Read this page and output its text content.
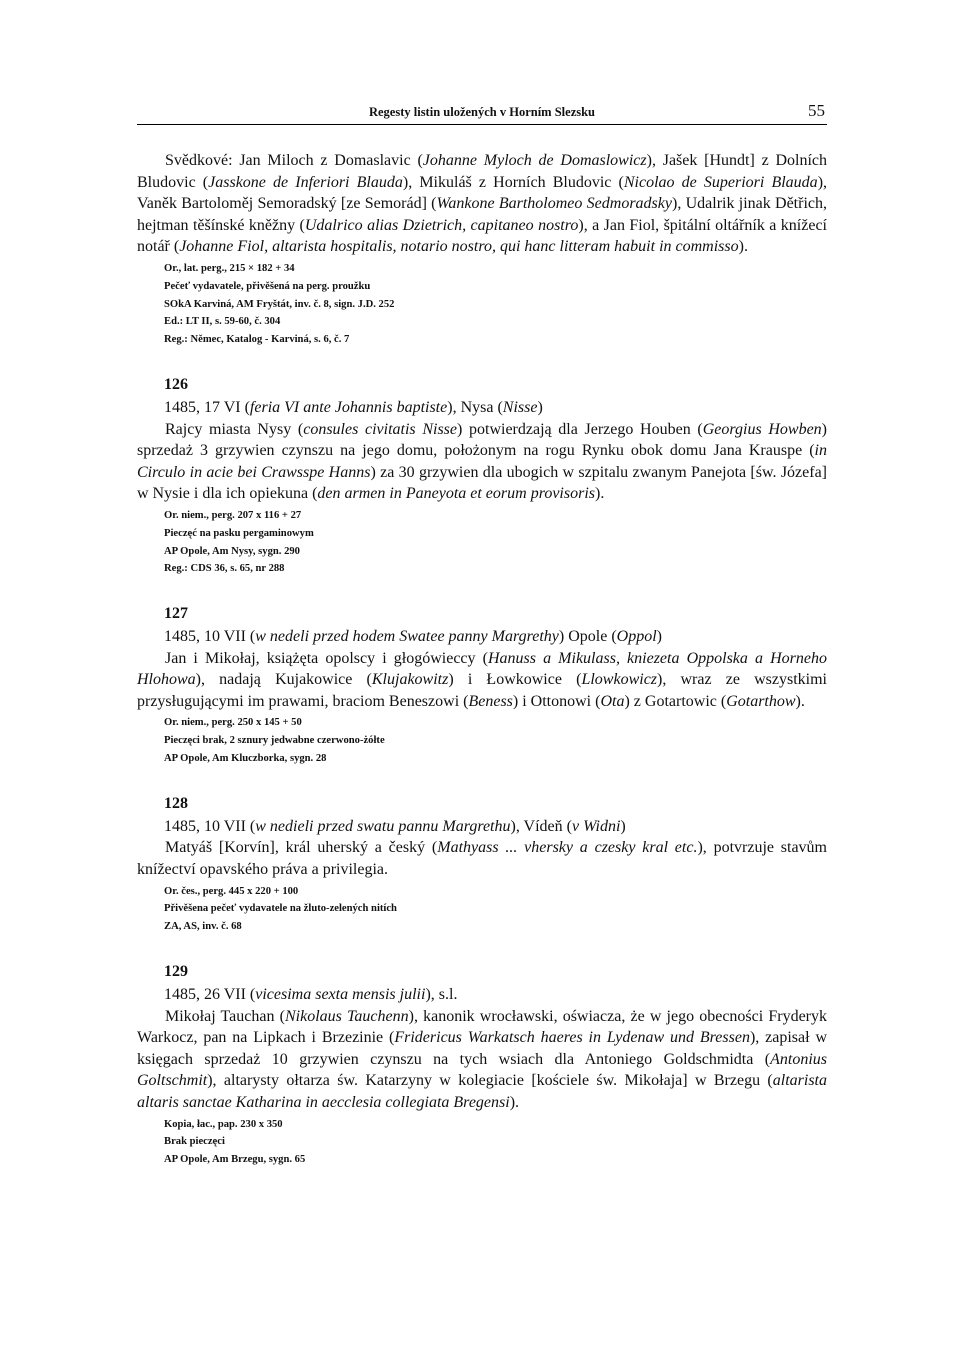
Regesty listin uložených v Horním Slezsku	55

Svědkové: Jan Miloch z Domaslavic (Johanne Myloch de Domaslowicz), Jašek [Hundt] z Dolních Bludovic (Jasskone de Inferiori Blauda), Mikuláš z Horních Bludovic (Nicolao de Superiori Blauda), Vaněk Bartoloměj Semoradský [ze Semorád] (Wankone Bartholomeo Sedmoradsky), Udalrik jinak Dětřich, hejtman těšínské kněžny (Udalrico alias Dzietrich, capitaneo nostro), a Jan Fiol, špitální oltářník a knížecí notář (Johanne Fiol, altarista hospitalis, notario nostro, qui hanc litteram habuit in commisso).

Or., lat. perg., 215 × 182 + 34
Pečeť vydavatele, přivěšená na perg. proužku
SOkA Karviná, AM Fryštát, inv. č. 8, sign. J.D. 252
Ed.: LT II, s. 59-60, č. 304
Reg.: Němec, Katalog - Karviná, s. 6, č. 7
126
1485, 17 VI (feria VI ante Johannis baptiste), Nysa (Nisse)

Rajcy miasta Nysy (consules civitatis Nisse) potwierdzają dla Jerzego Houben (Georgius Howben) sprzedaż 3 grzywien czynszu na jego domu, położonym na rogu Rynku obok domu Jana Krauspe (in Circulo in acie bei Crawsspe Hanns) za 30 grzywien dla ubogich w szpitalu zwanym Panejota [św. Józefa] w Nysie i dla ich opiekuna (den armen in Paneyota et eorum provisoris).

Or. niem., perg. 207 x 116 + 27
Pieczęć na pasku pergaminowym
AP Opole, Am Nysy, sygn. 290
Reg.: CDS 36, s. 65, nr 288
127
1485, 10 VII (w nedeli przed hodem Swatee panny Margrethy) Opole (Oppol)

Jan i Mikołaj, książęta opolscy i głogówieccy (Hanuss a Mikulass, kniezeta Oppolska a Horneho Hlohowa), nadają Kujakowice (Klujakowitz) i Łowkowice (Llowkowicz), wraz ze wszystkimi przysługującymi im prawami, braciom Beneszowi (Beness) i Ottonowi (Ota) z Gotartowic (Gotarthow).

Or. niem., perg. 250 x 145 + 50
Pieczęci brak, 2 sznury jedwabne czerwono-żółte
AP Opole, Am Kluczborka, sygn. 28
128
1485, 10 VII (w nedieli przed swatu pannu Margrethu), Vídeň (v Widni)

Matyáš [Korvín], král uherský a český (Mathyass ... vhersky a czesky kral etc.), potvrzuje stavům knížectví opavského práva a privilegia.

Or. čes., perg. 445 x 220 + 100
Přivěšena pečeť vydavatele na žluto-zelených nitích
ZA, AS, inv. č. 68
129
1485, 26 VII (vicesima sexta mensis julii), s.l.

Mikołaj Tauchan (Nikolaus Tauchenn), kanonik wrocławski, oświacza, że w jego obecności Fryderyk Warkocz, pan na Lipkach i Brzezinie (Fridericus Warkatsch haeres in Lydenaw und Bressen), zapisał w księgach sprzedaż 10 grzywien czynszu na tych wsiach dla Antoniego Goldschmidta (Antonius Goltschmit), altarysty ołtarza św. Katarzyny w kolegiacie [kościele św. Mikołaja] w Brzegu (altarista altaris sanctae Katharina in aecclesia collegiata Bregensi).

Kopia, łac., pap. 230 x 350
Brak pieczęci
AP Opole, Am Brzegu, sygn. 65
